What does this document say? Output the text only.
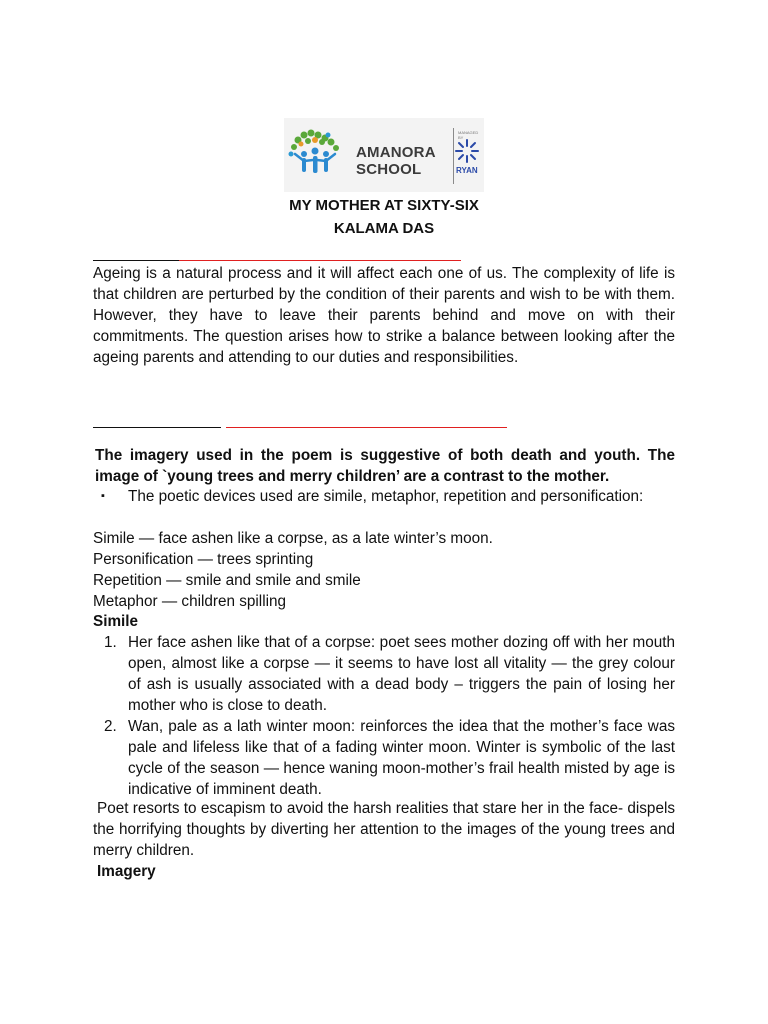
AMANORA
SCHOOL
MANAGED BY
RYAN
MY MOTHER AT SIXTY-SIX
KALAMA DAS

Ageing is a natural process and it will affect each one of us. The complexity of life is that children are perturbed by the condition of their parents and wish to be with them. However, they have to leave their parents behind and move on with their commitments. The question arises how to strike a balance between looking after the ageing parents and attending to our duties and responsibilities.

The imagery used in the poem is suggestive of both death and youth. The image of `young trees and merry children’ are a contrast to the mother.

▪ The poetic devices used are simile, metaphor, repetition and personification:

Simile — face ashen like a corpse, as a late winter’s moon.
Personification — trees sprinting
Repetition — smile and smile and smile
Metaphor — children spilling
Simile
1. Her face ashen like that of a corpse: poet sees mother dozing off with her mouth open, almost like a corpse — it seems to have lost all vitality — the grey colour of ash is usually associated with a dead body – triggers the pain of losing her mother who is close to death.

2. Wan, pale as a lath winter moon: reinforces the idea that the mother’s face was pale and lifeless like that of a fading winter moon. Winter is symbolic of the last cycle of the season — hence waning moon-mother’s frail health misted by age is indicative of imminent death.

Poet resorts to escapism to avoid the harsh realities that stare her in the face- dispels the horrifying thoughts by diverting her attention to the images of the young trees and merry children.

Imagery
